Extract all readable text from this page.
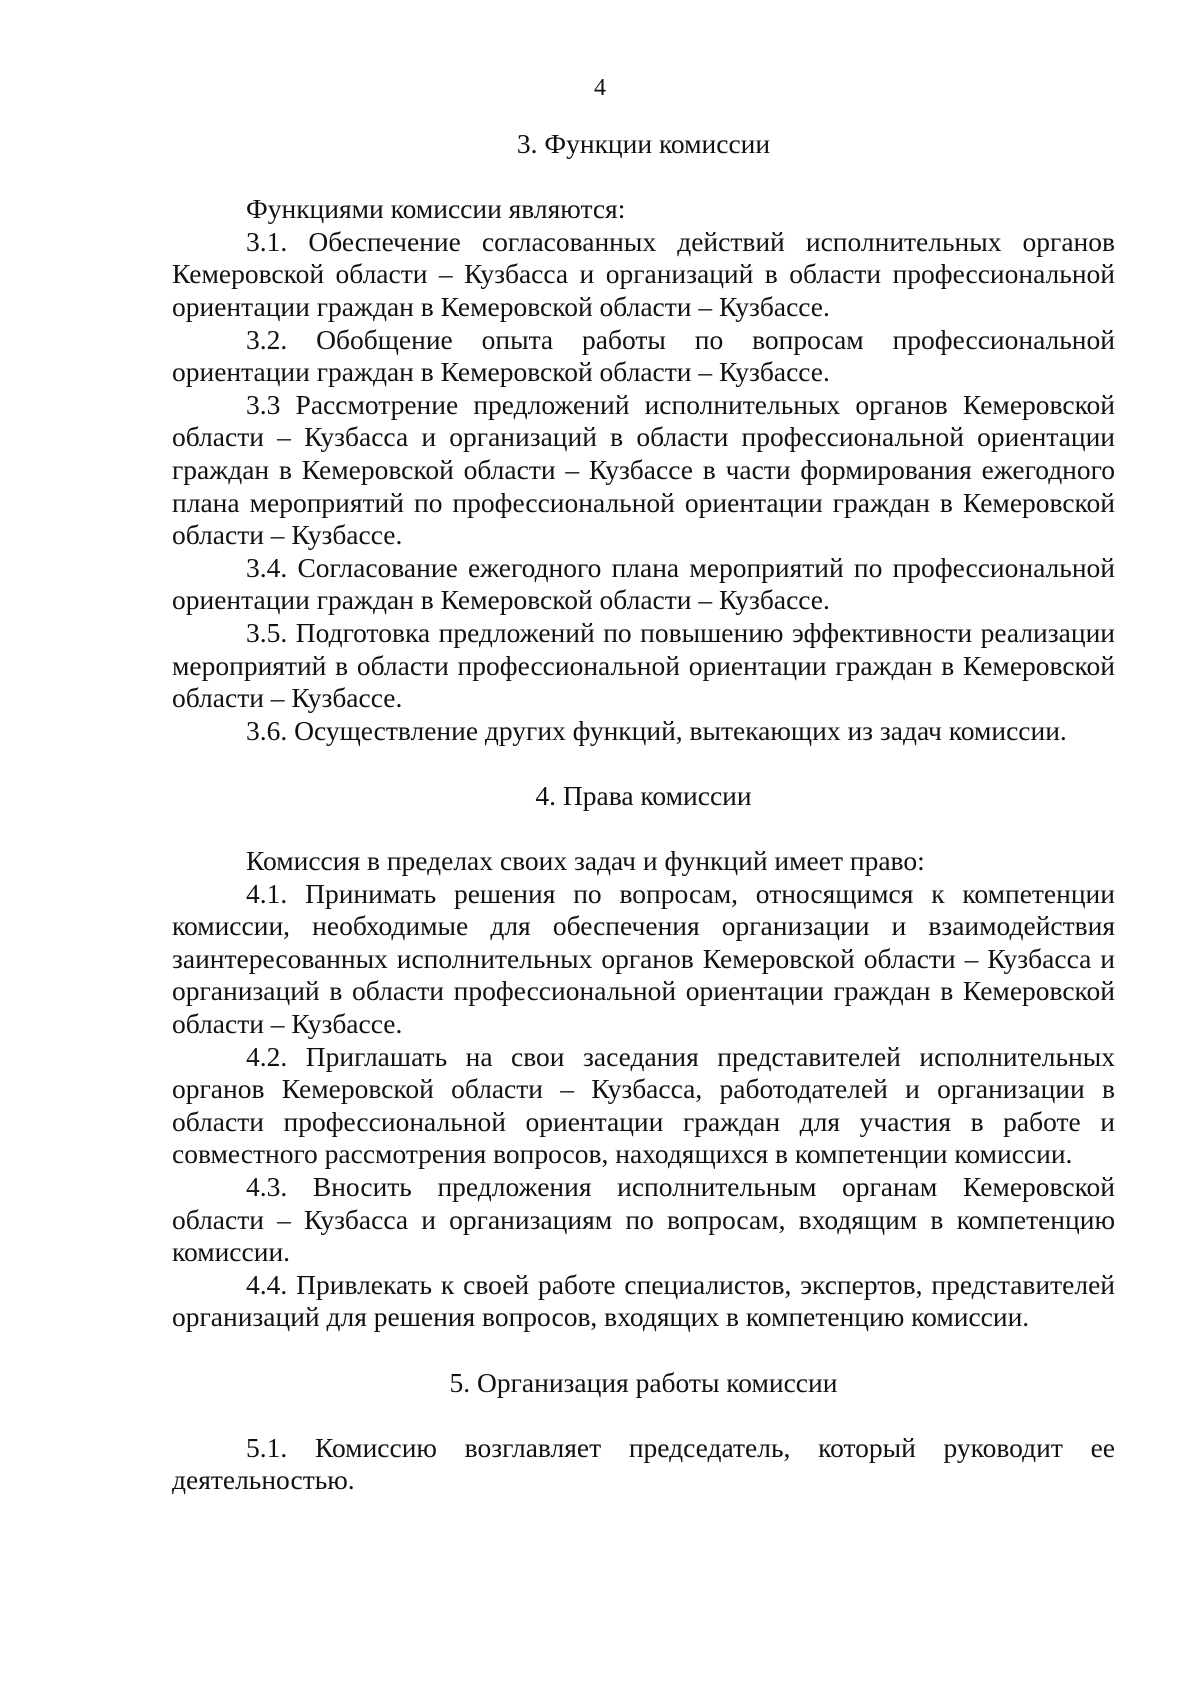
4
3. Функции комиссии

Функциями комиссии являются:

3.1. Обеспечение согласованных действий исполнительных органов Кемеровской области – Кузбасса и организаций в области профессиональной ориентации граждан в Кемеровской области – Кузбассе.

3.2. Обобщение опыта работы по вопросам профессиональной ориентации граждан в Кемеровской области – Кузбассе.

3.3 Рассмотрение предложений исполнительных органов Кемеровской области – Кузбасса и организаций в области профессиональной ориентации граждан в Кемеровской области – Кузбассе в части формирования ежегодного плана мероприятий по профессиональной ориентации граждан в Кемеровской области – Кузбассе.

3.4. Согласование ежегодного плана мероприятий по профессиональной ориентации граждан в Кемеровской области – Кузбассе.

3.5. Подготовка предложений по повышению эффективности реализации мероприятий в области профессиональной ориентации граждан в Кемеровской области – Кузбассе.

3.6. Осуществление других функций, вытекающих из задач комиссии.

4. Права комиссии

Комиссия в пределах своих задач и функций имеет право:

4.1. Принимать решения по вопросам, относящимся к компетенции комиссии, необходимые для обеспечения организации и взаимодействия заинтересованных исполнительных органов Кемеровской области – Кузбасса и организаций в области профессиональной ориентации граждан в Кемеровской области – Кузбассе.

4.2. Приглашать на свои заседания представителей исполнительных органов Кемеровской области – Кузбасса, работодателей и организации в области профессиональной ориентации граждан для участия в работе и совместного рассмотрения вопросов, находящихся в компетенции комиссии.

4.3. Вносить предложения исполнительным органам Кемеровской области – Кузбасса и организациям по вопросам, входящим в компетенцию комиссии.

4.4. Привлекать к своей работе специалистов, экспертов, представителей организаций для решения вопросов, входящих в компетенцию комиссии.

5. Организация работы комиссии

5.1. Комиссию возглавляет председатель, который руководит ее деятельностью.
